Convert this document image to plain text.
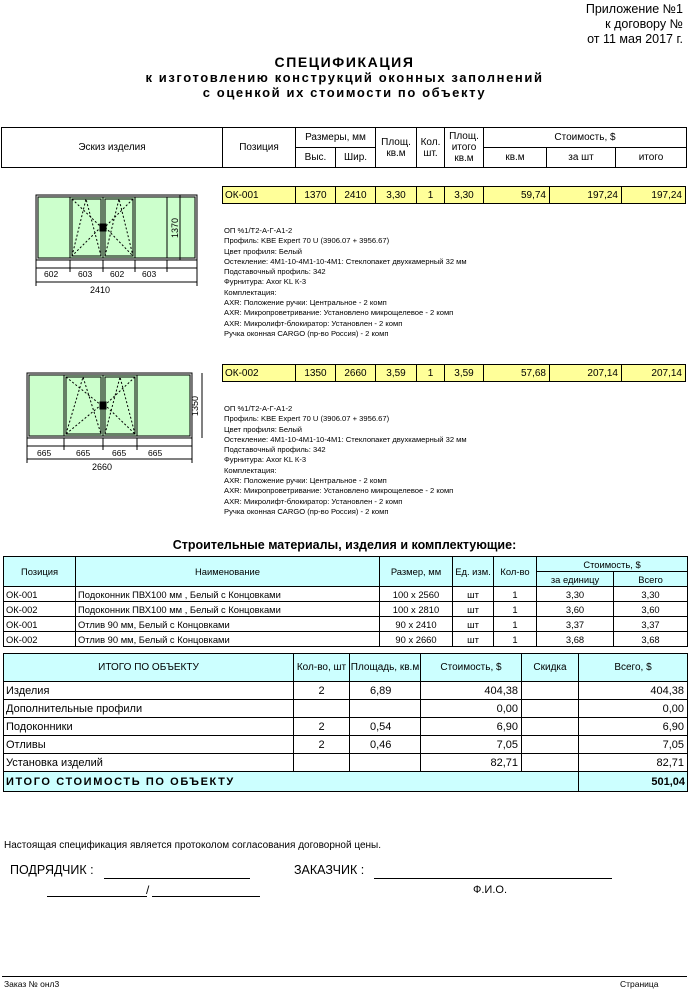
Приложение №1
к договору №
от 11 мая 2017 г.
СПЕЦИФИКАЦИЯ
к изготовлению конструкций оконных заполнений
с оценкой их стоимости по объекту
Эскиз изделия	Позиция	Размеры, мм		Площ. кв.м	Кол. шт.	Площ. итого кв.м	Стоимость, $		
		Выс.	Шир.				кв.м	за шт	итого
ОК-001	1370	2410	3,30	1	3,30	59,74	197,24	197,24
1370
602 603 602 603
2410
ОП %1/Т2-А-Г-А1-2
Профиль: KBE Expert 70 U (3906.07 + 3956.67)
Цвет профиля: Белый
Остекление: 4М1-10-4М1-10-4М1: Стеклопакет двухкамерный 32 мм
Подставочный профиль: 342
Фурнитура: Axor KL К-3
Комплектация:
AXR: Положение ручки: Центральное - 2 комп
AXR: Микропроветривание: Установлено микрощелевое - 2 комп
AXR: Микролифт-блокиратор: Установлен - 2 комп
Ручка оконная CARGO (пр-во Россия) - 2 комп
ОК-002	1350	2660	3,59	1	3,59	57,68	207,14	207,14
1350
665	665	665	665
2660
ОП %1/Т2-А-Г-А1-2
Профиль: KBE Expert 70 U (3906.07 + 3956.67)
Цвет профиля: Белый
Остекление: 4М1-10-4М1-10-4М1: Стеклопакет двухкамерный 32 мм
Подставочный профиль: 342
Фурнитура: Axor KL К-3
Комплектация:
AXR: Положение ручки: Центральное - 2 комп
AXR: Микропроветривание: Установлено микрощелевое - 2 комп
AXR: Микролифт-блокиратор: Установлен - 2 комп
Ручка оконная CARGO (пр-во Россия) - 2 комп
Строительные материалы, изделия и комплектующие:
Позиция	Наименование	Размер, мм	Ед. изм.	Кол-во	Стоимость, $	
					за единицу	Всего
ОК-001	Подоконник ПВХ100 мм , Белый с Концовками	100 x 2560	шт	1	3,30	3,30
ОК-002	Подоконник ПВХ100 мм , Белый с Концовками	100 x 2810	шт	1	3,60	3,60
ОК-001	Отлив 90 мм, Белый с Концовками	90 x 2410	шт	1	3,37	3,37
ОК-002	Отлив 90 мм, Белый с Концовками	90 x 2660	шт	1	3,68	3,68
ИТОГО ПО ОБЪЕКТУ	Кол-во, шт	Площадь, кв.м	Стоимость, $	Скидка	Всего, $
Изделия	2	6,89	404,38		404,38
Дополнительные профили			0,00		0,00
Подоконники	2	0,54	6,90		6,90
Отливы	2	0,46	7,05		7,05
Установка изделий			82,71		82,71
ИТОГО СТОИМОСТЬ ПО ОБЪЕКТУ					501,04
Настоящая спецификация является протоколом согласования договорной цены.
ПОДРЯДЧИК :	ЗАКАЗЧИК :
/	Ф.И.О.
Заказ № онл3	Страница
